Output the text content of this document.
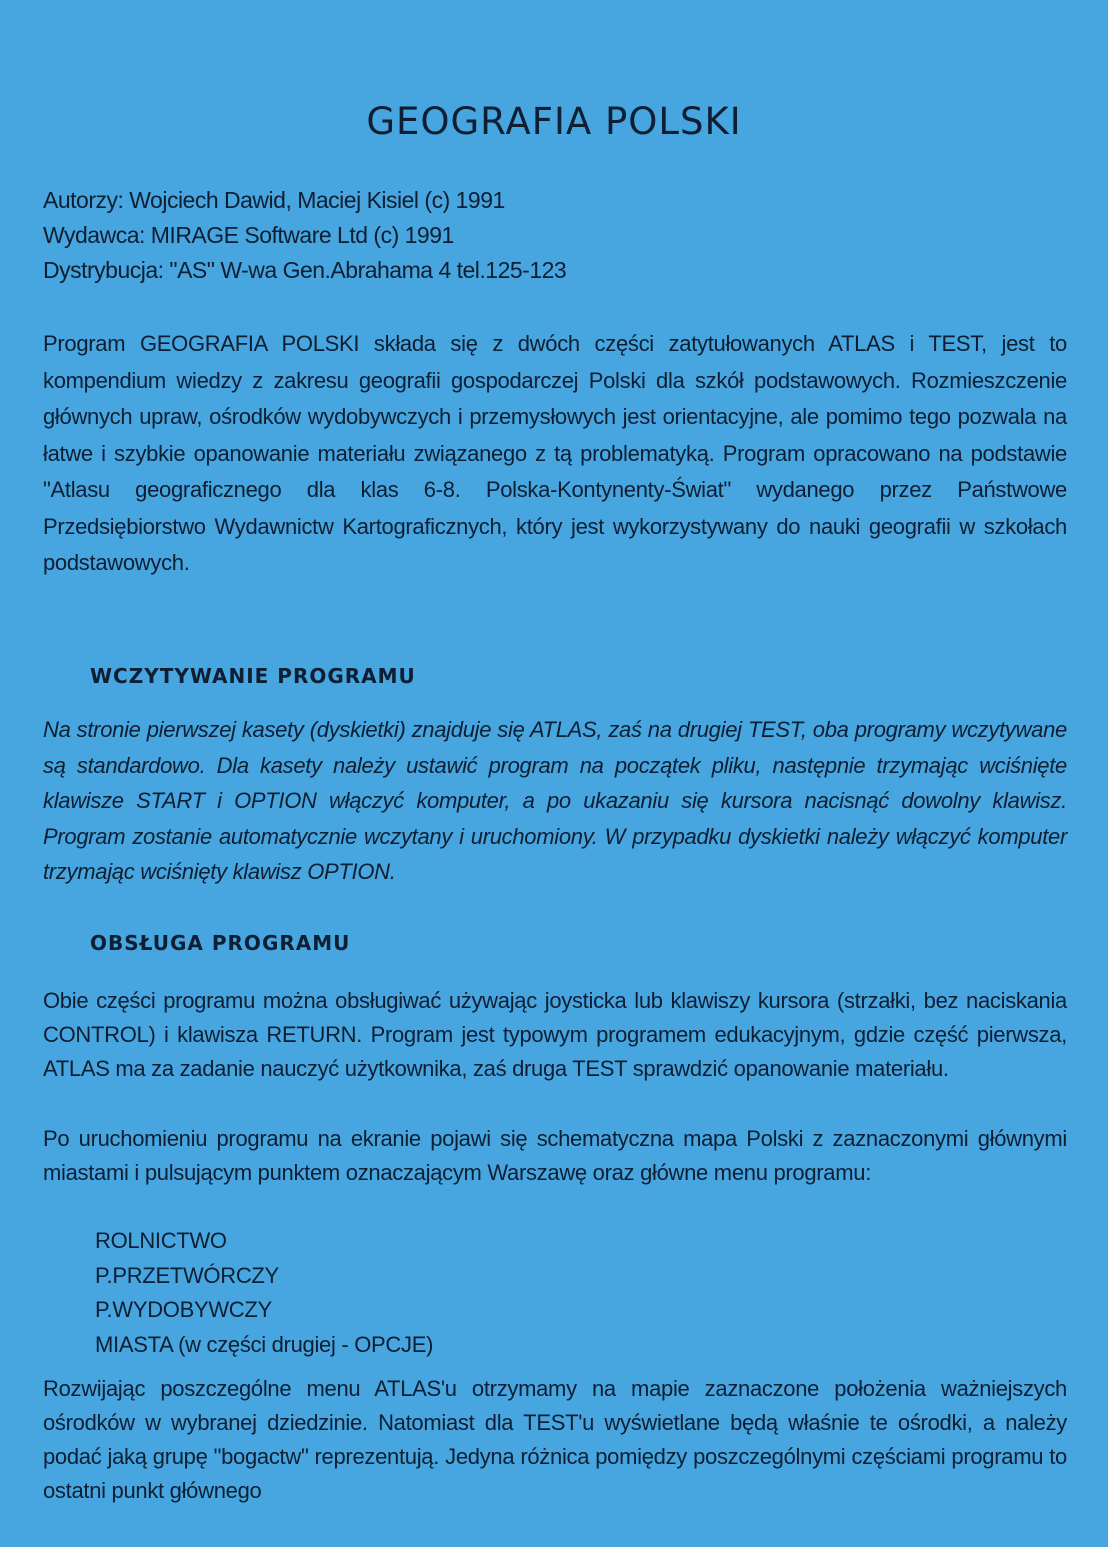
GEOGRAFIA POLSKI
Autorzy: Wojciech Dawid, Maciej Kisiel (c) 1991
Wydawca: MIRAGE Software Ltd (c) 1991
Dystrybucja: "AS" W-wa Gen.Abrahama 4 tel.125-123
Program GEOGRAFIA POLSKI składa się z dwóch części zatytułowanych ATLAS i TEST, jest to kompendium wiedzy z zakresu geografii gospodarczej Polski dla szkół podstawowych. Rozmieszczenie głównych upraw, ośrodków wydobywczych i przemysłowych jest orientacyjne, ale pomimo tego pozwala na łatwe i szybkie opanowanie materiału związanego z tą problematyką. Program opracowano na podstawie "Atlasu geograficznego dla klas 6-8. Polska-Kontynenty-Świat" wydanego przez Państwowe Przedsiębiorstwo Wydawnictw Kartograficznych, który jest wykorzystywany do nauki geografii w szkołach podstawowych.
WCZYTYWANIE PROGRAMU
Na stronie pierwszej kasety (dyskietki) znajduje się ATLAS, zaś na drugiej TEST, oba programy wczytywane są standardowo. Dla kasety należy ustawić program na początek pliku, następnie trzymając wciśnięte klawisze START i OPTION włączyć komputer, a po ukazaniu się kursora nacisnąć dowolny klawisz. Program zostanie automatycznie wczytany i uruchomiony. W przypadku dyskietki należy włączyć komputer trzymając wciśnięty klawisz OPTION.
OBSŁUGA PROGRAMU
Obie części programu można obsługiwać używając joysticka lub klawiszy kursora (strzałki, bez naciskania CONTROL) i klawisza RETURN. Program jest typowym programem edukacyjnym, gdzie część pierwsza, ATLAS ma za zadanie nauczyć użytkownika, zaś druga TEST sprawdzić opanowanie materiału.
Po uruchomieniu programu na ekranie pojawi się schematyczna mapa Polski z zaznaczonymi głównymi miastami i pulsującym punktem oznaczającym Warszawę oraz główne menu programu:
ROLNICTWO
P.PRZETWÓRCZY
P.WYDOBYWCZY
MIASTA (w części drugiej - OPCJE)
Rozwijając poszczególne menu ATLAS'u otrzymamy na mapie zaznaczone położenia ważniejszych ośrodków w wybranej dziedzinie. Natomiast dla TEST'u wyświetlane będą właśnie te ośrodki, a należy podać jaką grupę "bogactw" reprezentują. Jedyna różnica pomiędzy poszczególnymi częściami programu to ostatni punkt głównego
